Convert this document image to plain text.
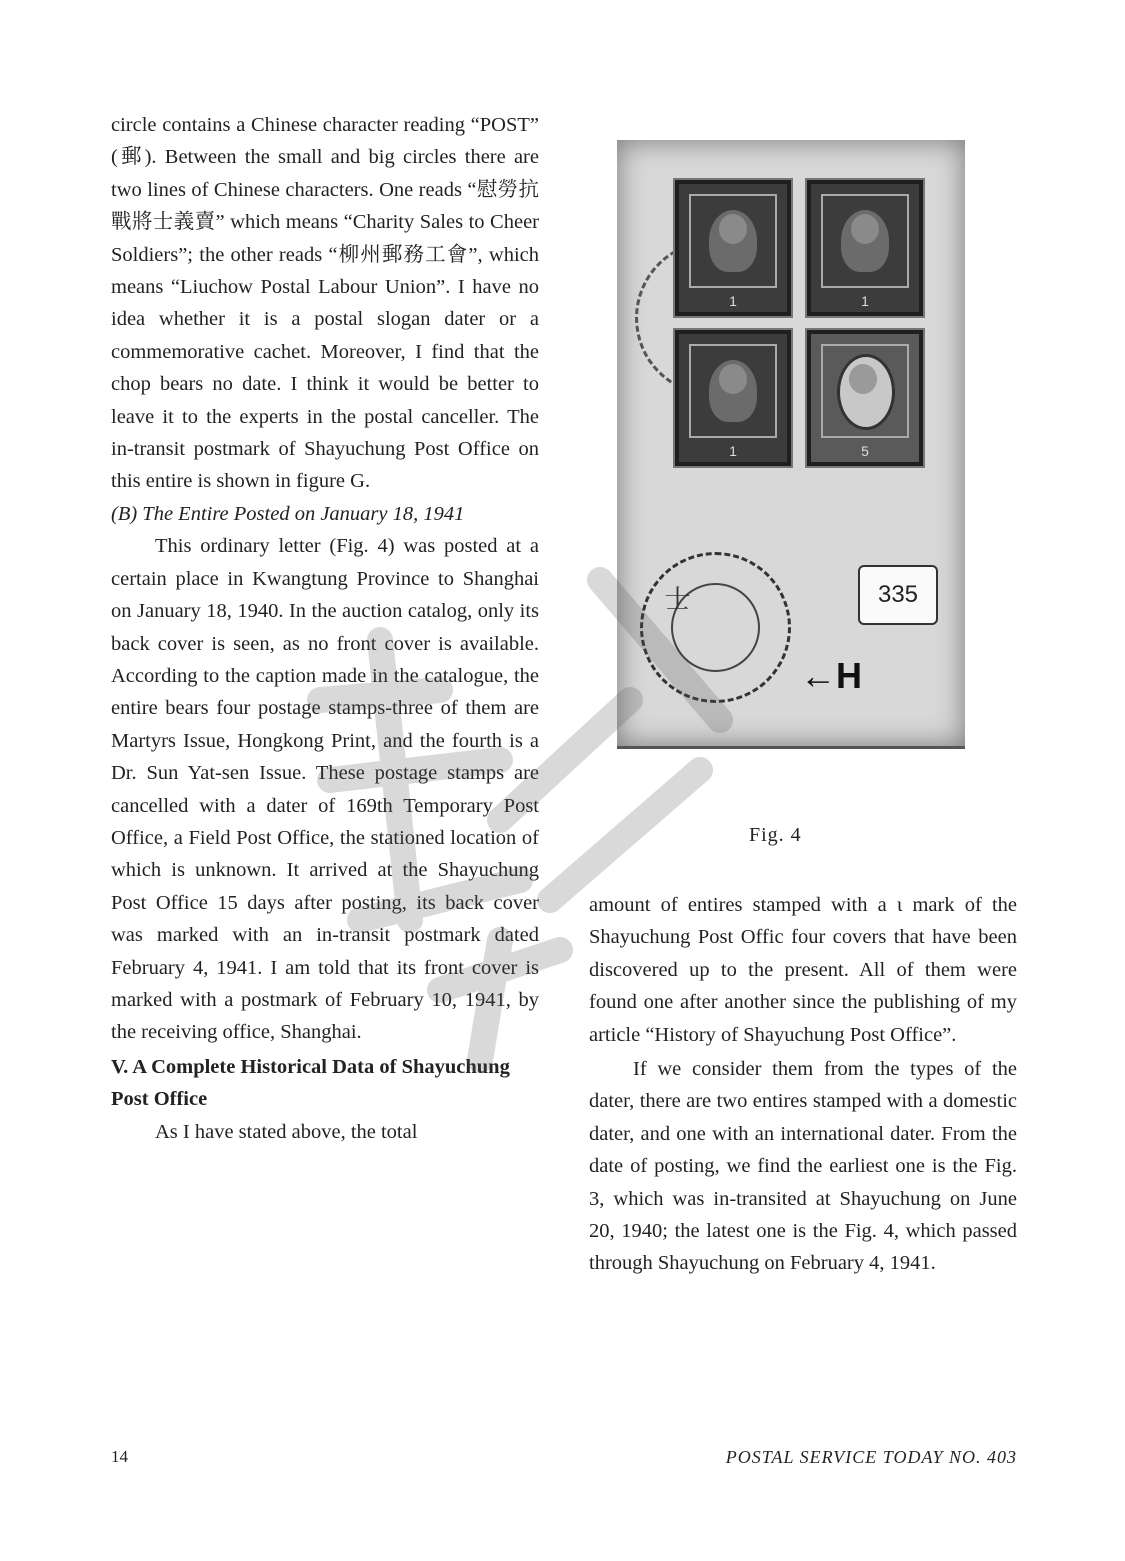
circle contains a Chinese character reading “POST” (郵). Between the small and big circles there are two lines of Chinese characters. One reads “慰勞抗戰將士義賣” which means “Charity Sales to Cheer Soldiers”; the other reads “柳州郵務工會”, which means “Liuchow Postal Labour Union”. I have no idea whether it is a postal slogan dater or a commemorative cachet. Moreover, I find that the chop bears no date. I think it would be better to leave it to the experts in the postal canceller. The in-transit postmark of Shayuchung Post Office on this entire is shown in figure G.

(B) The Entire Posted on January 18, 1941

This ordinary letter (Fig. 4) was posted at a certain place in Kwangtung Province to Shanghai on January 18, 1940. In the auction catalog, only its back cover is seen, as no front cover is available. According to the caption made in the catalogue, the entire bears four postage stamps-three of them are Martyrs Issue, Hongkong Print, and the fourth is a Dr. Sun Yat-sen Issue. These postage stamps are cancelled with a dater of 169th Temporary Post Office, a Field Post Office, the stationed location of which is unknown. It arrived at the Shayuchung Post Office 15 days after posting, its back cover was marked with an in-transit postmark dated February 4, 1941. I am told that its front cover is marked with a postmark of February 10, 1941, by the receiving office, Shanghai.

V. A Complete Historical Data of Shayuchung Post Office

As I have stated above, the total

1	1
1	5
士	335
←H
Fig. 4

amount of entires stamped with a ι mark of the Shayuchung Post Offic four covers that have been discovered up to the present. All of them were found one after another since the publishing of my article “History of Shayuchung Post Office”.

If we consider them from the types of the dater, there are two entires stamped with a domestic dater, and one with an international dater. From the date of posting, we find the earliest one is the Fig. 3, which was in-transited at Shayuchung on June 20, 1940; the latest one is the Fig. 4, which passed through Shayuchung on February 4, 1941.

14	POSTAL SERVICE TODAY NO. 403
